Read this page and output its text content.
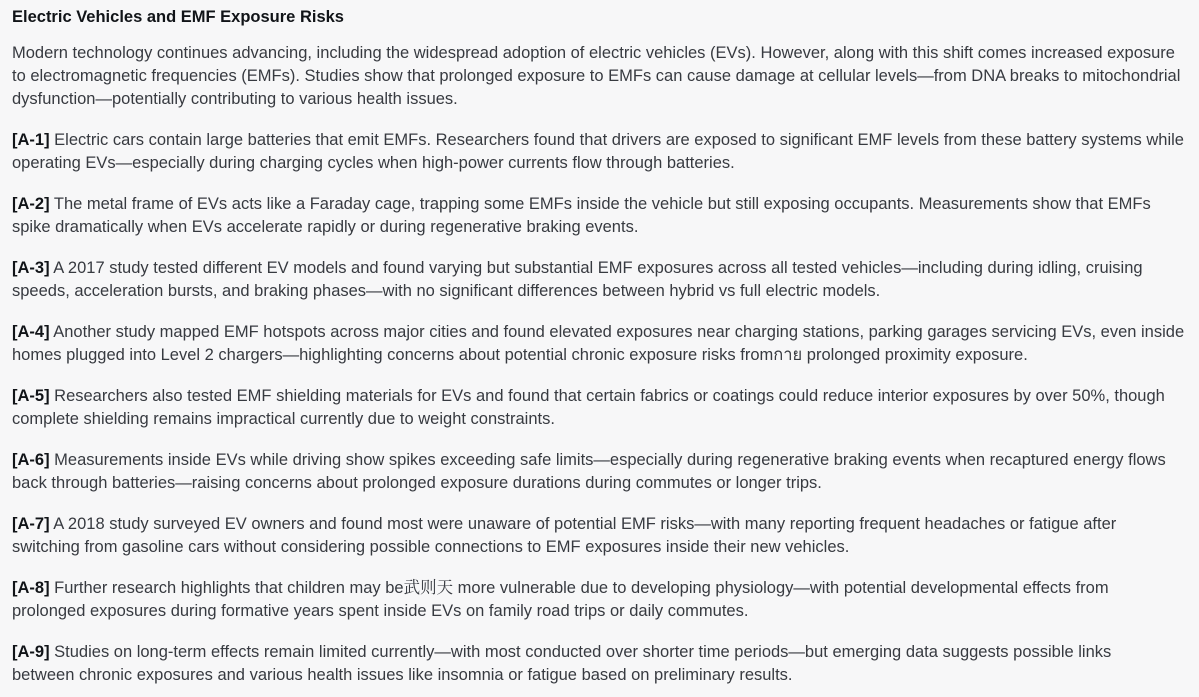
Electric Vehicles and EMF Exposure Risks

Modern technology continues advancing, including the widespread adoption of electric vehicles (EVs). However, along with this shift comes increased exposure
to electromagnetic frequencies (EMFs). Studies show that prolonged exposure to EMFs can cause damage at cellular levels—from DNA breaks to mitochondrial
dysfunction—potentially contributing to various health issues.

[A-1] Electric cars contain large batteries that emit EMFs. Researchers found that drivers are exposed to significant EMF levels from these battery systems while
operating EVs—especially during charging cycles when high-power currents flow through batteries.

[A-2] The metal frame of EVs acts like a Faraday cage, trapping some EMFs inside the vehicle but still exposing occupants. Measurements show that EMFs
spike dramatically when EVs accelerate rapidly or during regenerative braking events.

[A-3] A 2017 study tested different EV models and found varying but substantial EMF exposures across all tested vehicles—including during idling, cruising
speeds, acceleration bursts, and braking phases—with no significant differences between hybrid vs full electric models.

[A-4] Another study mapped EMF hotspots across major cities and found elevated exposures near charging stations, parking garages servicing EVs, even inside
homes plugged into Level 2 chargers—highlighting concerns about potential chronic exposure risks fromกาย prolonged proximity exposure.

[A-5] Researchers also tested EMF shielding materials for EVs and found that certain fabrics or coatings could reduce interior exposures by over 50%, though
complete shielding remains impractical currently due to weight constraints.

[A-6] Measurements inside EVs while driving show spikes exceeding safe limits—especially during regenerative braking events when recaptured energy flows
back through batteries—raising concerns about prolonged exposure durations during commutes or longer trips.

[A-7] A 2018 study surveyed EV owners and found most were unaware of potential EMF risks—with many reporting frequent headaches or fatigue after
switching from gasoline cars without considering possible connections to EMF exposures inside their new vehicles.

[A-8] Further research highlights that children may be武则天 more vulnerable due to developing physiology—with potential developmental effects from
prolonged exposures during formative years spent inside EVs on family road trips or daily commutes.

[A-9] Studies on long-term effects remain limited currently—with most conducted over shorter time periods—but emerging data suggests possible links
between chronic exposures and various health issues like insomnia or fatigue based on preliminary results.
